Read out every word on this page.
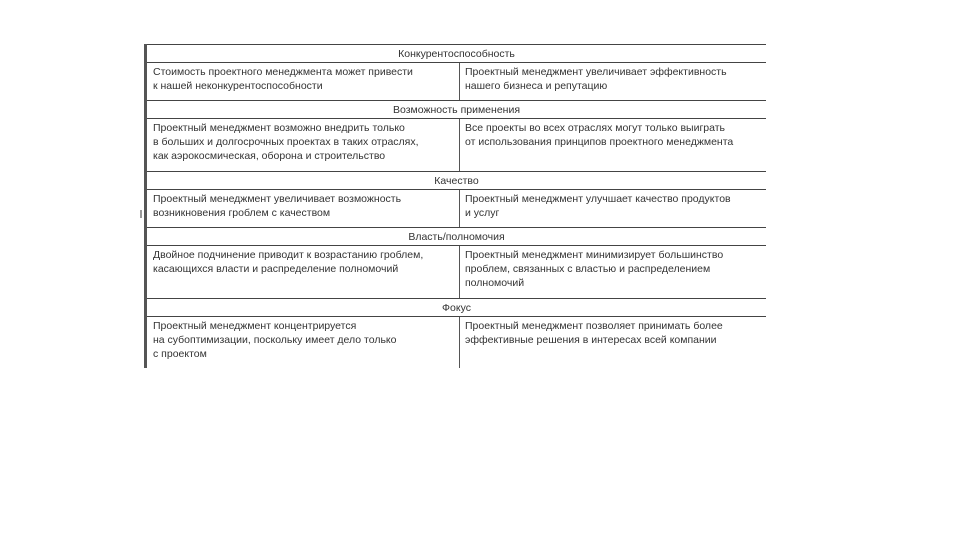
Конкурентоспособность
Стоимость проектного менеджмента может привести
к нашей неконкурентоспособности
Проектный менеджмент увеличивает эффективность
нашего бизнеса и репутацию
Возможность применения
Проектный менеджмент возможно внедрить только
в больших и долгосрочных проектах в таких отраслях,
как аэрокосмическая, оборона и строительство
Все проекты во всех отраслях могут только выиграть
от использования принципов проектного менеджмента
Качество
Проектный менеджмент увеличивает возможность
возникновения гроблем с качеством
Проектный менеджмент улучшает качество продуктов
и услуг
Власть/полномочия
Двойное подчинение приводит к возрастанию гроблем,
касающихся власти и распределение полномочий
Проектный менеджмент минимизирует большинство
проблем, связанных с властью и распределением
полномочий
Фокус
Проектный менеджмент концентрируется
на субоптимизации, поскольку имеет дело только
с проектом
Проектный менеджмент позволяет принимать более
эффективные решения в интересах всей компании
